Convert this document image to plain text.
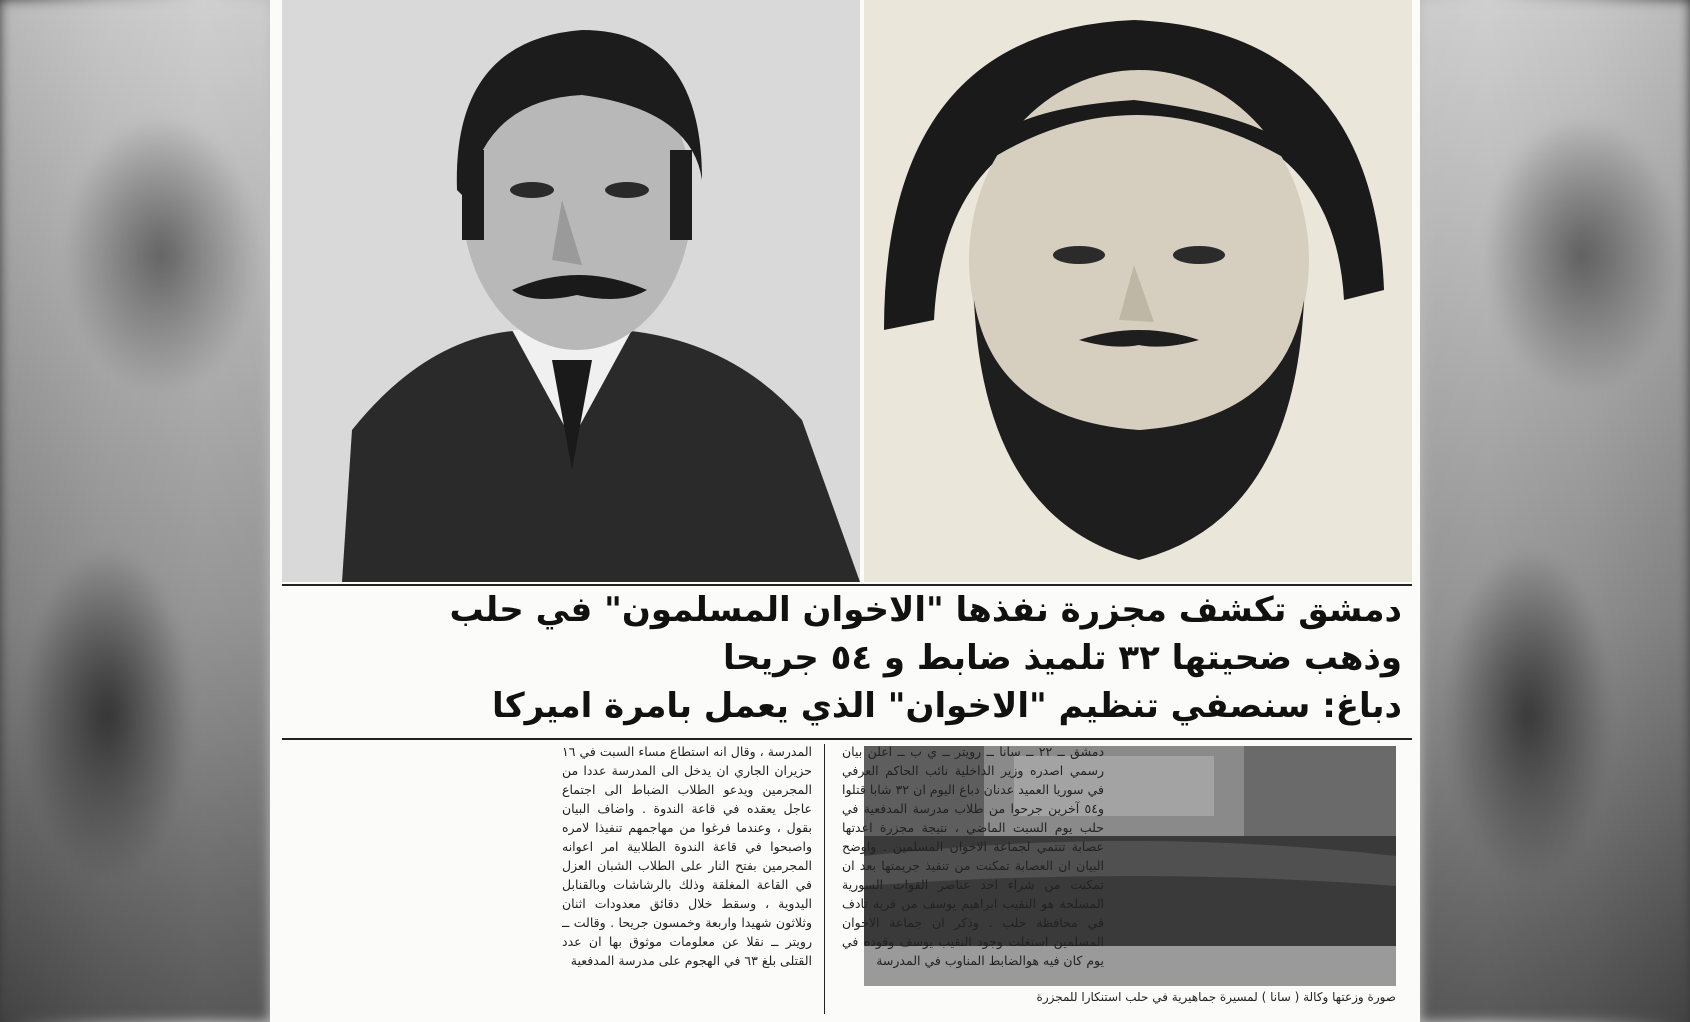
دمشق تكشف مجزرة نفذها "الاخوان المسلمون" في حلب
وذهب ضحيتها ٣٢ تلميذ ضابط و ٥٤ جريحا
دباغ: سنصفي تنظيم "الاخوان" الذي يعمل بامرة اميركا
صورة وزعتها وكالة ( سانا ) لمسيرة جماهيرية في حلب استنكارا للمجزرة
دمشق ــ ٢٢ ــ سانا ــ رويتر ــ ي ب ــ اعلن بيان رسمي اصدره وزير الداخلية نائب الحاكم العرفي في سوريا العميد عدنان دباغ اليوم ان ٣٢ شابا قتلوا و٥٤ آخرين جرحوا من طلاب مدرسة المدفعية في حلب يوم السبت الماضي ، نتيجة مجزرة اعدتها عصابة تنتمي لجماعة الاخوان المسلمين . واوضح البيان ان العصابة تمكنت من تنفيذ جريمتها بعد ان تمكنت من شراء احد عناصر القوات السورية المسلحة هو النقيب ابراهيم يوسف من قرية تادف في محافظة حلب . وذكر ان جماعة الاخوان المسلمين استغلت وجود النقيب يوسف وقوده في يوم كان فيه هوالضابط المناوب في المدرسة
المدرسة ، وقال انه استطاع مساء السبت في ١٦ حزيران الجاري ان يدخل الى المدرسة عددا من المجرمين ويدعو الطلاب الضباط الى اجتماع عاجل يعقده في قاعة الندوة . واضاف البيان بقول ، وعندما فرغوا من مهاجمهم تنفيذا لامره واصبحوا في قاعة الندوة الطلابية امر اعوانه المجرمين بفتح النار على الطلاب الشبان العزل في القاعة المغلقة وذلك بالرشاشات وبالقنابل اليدوية ، وسقط خلال دقائق معدودات اثنان وثلاثون شهيدا واربعة وخمسون جريحا . وقالت ــ رويتر ــ نقلا عن معلومات موثوق بها ان عدد القتلى بلغ ٦٣ في الهجوم على مدرسة المدفعية
